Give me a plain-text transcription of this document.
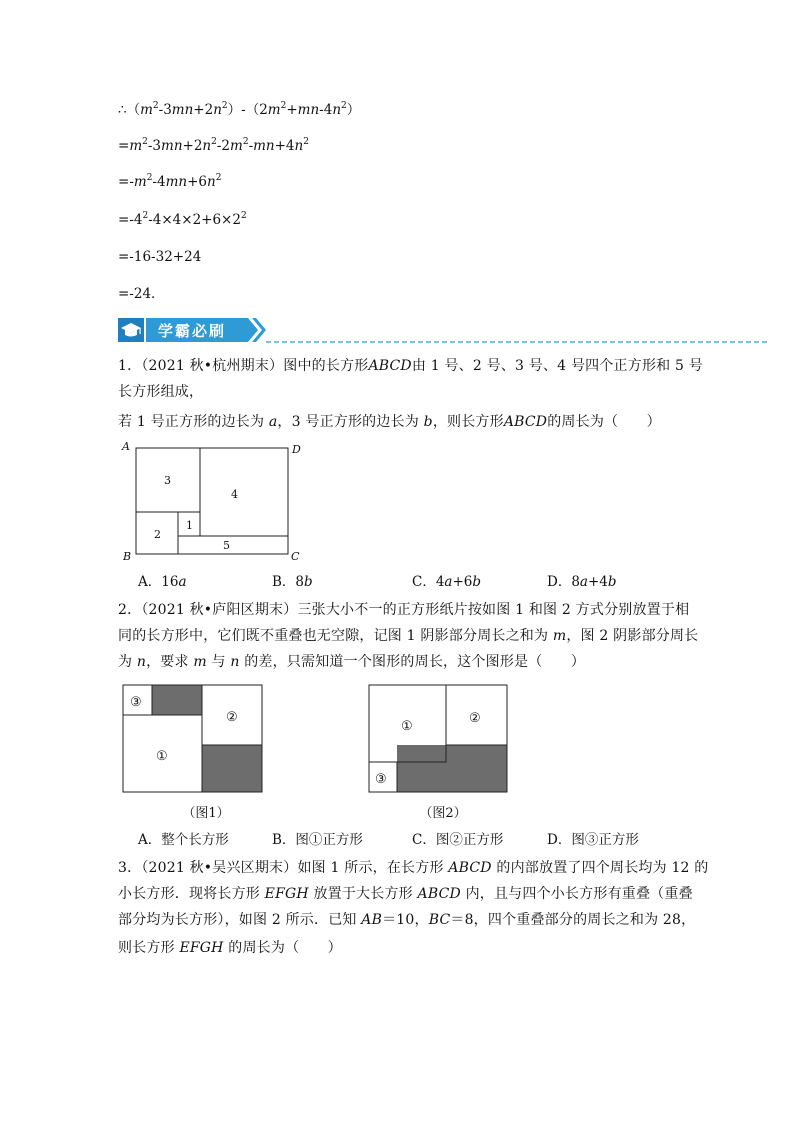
$\therefore(m^2-3mn+2n^2)-(2m^2+mn-4n^2)$
$=m^2-3mn+2n^2-2m^2-mn+4n^2$
$=-m^2-4mn+6n^2$
$=-4^2-4\times 4\times 2+6\times 2^2$
=-16-32+24
=-24．
学霸必刷
1．（2021 秋•杭州期末）图中的长方形ABCD由 1 号、2 号、3 号、4 号四个正方形和 5 号
长方形组成，
若 1 号正方形的边长为 a，3 号正方形的边长为 b，则长方形ABCD的周长为（　　）
A	D
B	C
1
2
3
4
5
A．16a	B．8b	C．4a+6b	D．8a+4b
2．（2021 秋•庐阳区期末）三张大小不一的正方形纸片按如图 1 和图 2 方式分别放置于相
同的长方形中，它们既不重叠也无空隙，记图 1 阴影部分周长之和为 m，图 2 阴影部分周长
为 n，要求 m 与 n 的差，只需知道一个图形的周长，这个图形是（　　）
③
①
②
（图1）
①
②
③
（图2）
A．整个长方形	B．图①正方形	C．图②正方形	D．图③正方形
3．（2021 秋•吴兴区期末）如图 1 所示，在长方形 ABCD 的内部放置了四个周长均为 12 的
小长方形．现将长方形 EFGH 放置于大长方形 ABCD 内，且与四个小长方形有重叠（重叠
部分均为长方形），如图 2 所示．已知 AB＝10，BC＝8，四个重叠部分的周长之和为 28，
则长方形 EFGH 的周长为（　　）
